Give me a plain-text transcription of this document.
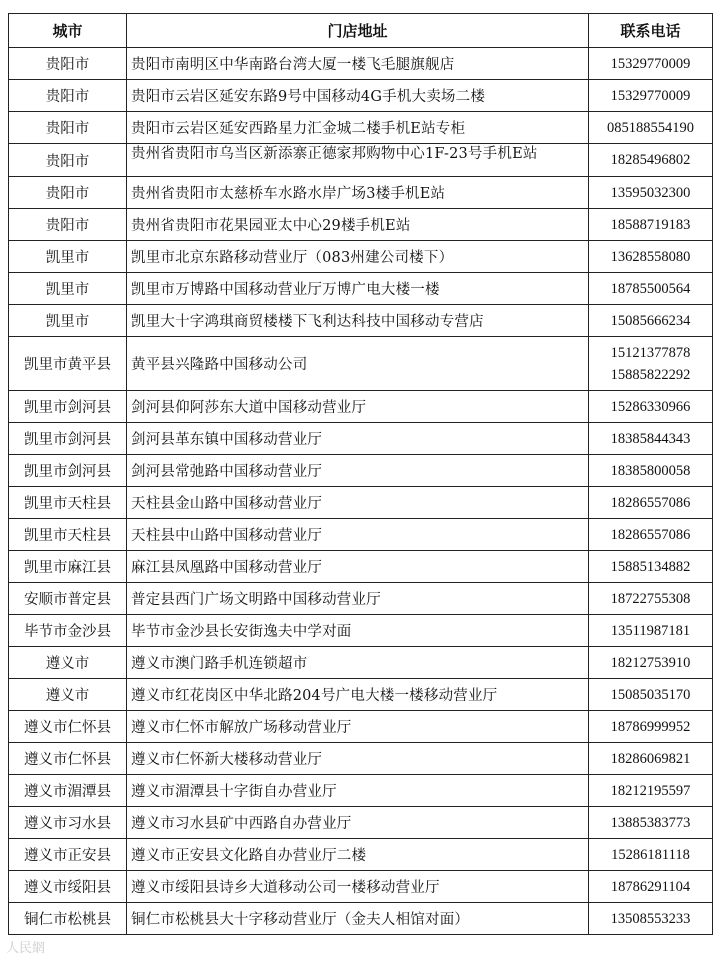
城市	门店地址	联系电话
贵阳市	贵阳市南明区中华南路台湾大厦一楼飞毛腿旗舰店	15329770009

贵阳市	贵阳市云岩区延安东路9号中国移动4G手机大卖场二楼	15329770009

贵阳市	贵阳市云岩区延安西路星力汇金城二楼手机E站专柜	085188554190

贵阳市	贵州省贵阳市乌当区新添寨正德家邦购物中心1F-23号手机E站	18285496802

贵阳市	贵州省贵阳市太慈桥车水路水岸广场3楼手机E站	13595032300

贵阳市	贵州省贵阳市花果园亚太中心29楼手机E站	18588719183

凯里市	凯里市北京东路移动营业厅（083州建公司楼下）	13628558080

凯里市	凯里市万博路中国移动营业厅万博广电大楼一楼	18785500564

凯里市	凯里大十字鸿琪商贸楼楼下飞利达科技中国移动专营店	15085666234

凯里市黄平县	黄平县兴隆路中国移动公司	15121377878
15885822292

凯里市剑河县	剑河县仰阿莎东大道中国移动营业厅	15286330966

凯里市剑河县	剑河县革东镇中国移动营业厅	18385844343

凯里市剑河县	剑河县常弛路中国移动营业厅	18385800058

凯里市天柱县	天柱县金山路中国移动营业厅	18286557086

凯里市天柱县	天柱县中山路中国移动营业厅	18286557086

凯里市麻江县	麻江县凤凰路中国移动营业厅	15885134882

安顺市普定县	普定县西门广场文明路中国移动营业厅	18722755308

毕节市金沙县	毕节市金沙县长安街逸夫中学对面	13511987181

遵义市	遵义市澳门路手机连锁超市	18212753910

遵义市	遵义市红花岗区中华北路204号广电大楼一楼移动营业厅	15085035170

遵义市仁怀县	遵义市仁怀市解放广场移动营业厅	18786999952

遵义市仁怀县	遵义市仁怀新大楼移动营业厅	18286069821

遵义市湄潭县	遵义市湄潭县十字街自办营业厅	18212195597

遵义市习水县	遵义市习水县矿中西路自办营业厅	13885383773

遵义市正安县	遵义市正安县文化路自办营业厅二楼	15286181118

遵义市绥阳县	遵义市绥阳县诗乡大道移动公司一楼移动营业厅	18786291104

铜仁市松桃县	铜仁市松桃县大十字移动营业厅（金夫人相馆对面）	13508553233
人民網
